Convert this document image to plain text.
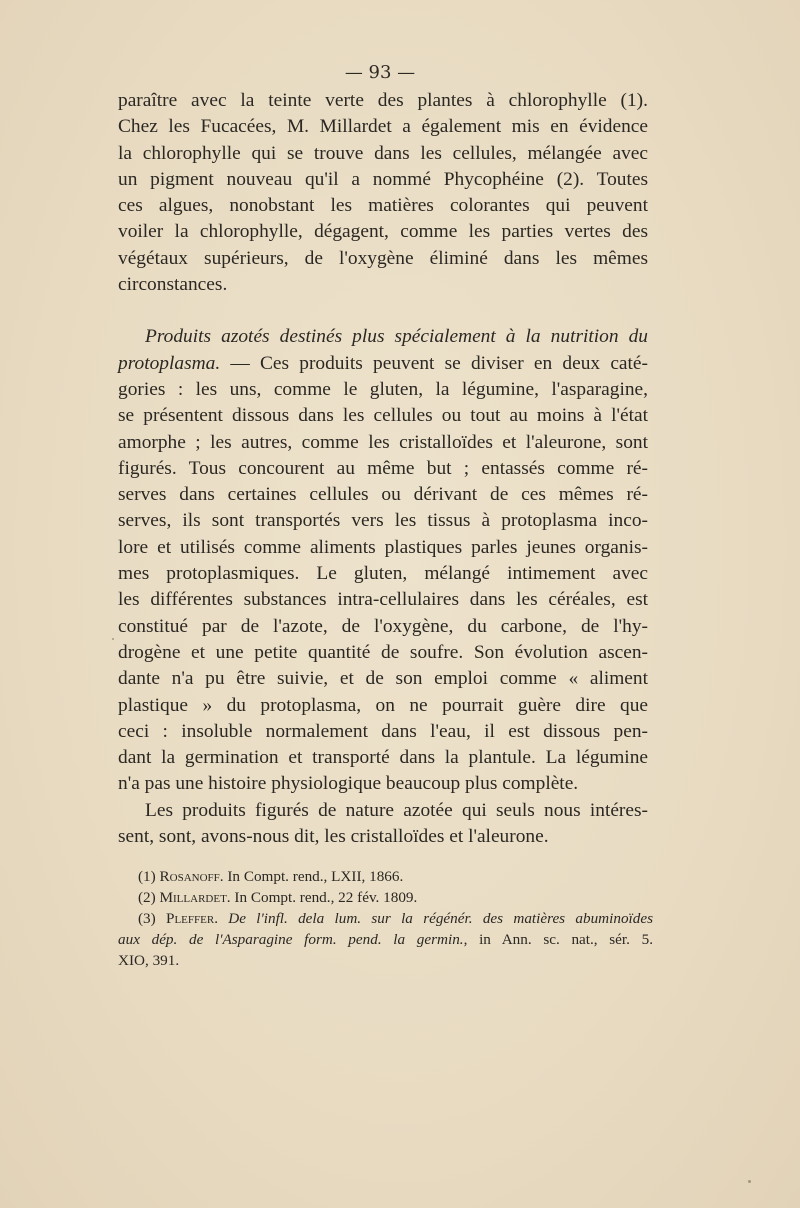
— 93 —
paraître avec la teinte verte des plantes à chlorophylle (1).
Chez les Fucacées, M. Millardet a également mis en évidence
la chlorophylle qui se trouve dans les cellules, mélangée avec
un pigment nouveau qu'il a nommé Phycophéine (2). Toutes
ces algues, nonobstant les matières colorantes qui peuvent
voiler la chlorophylle, dégagent, comme les parties vertes des
végétaux supérieurs, de l'oxygène éliminé dans les mêmes
circonstances.
Produits azotés destinés plus spécialement à la nutrition du
protoplasma. — Ces produits peuvent se diviser en deux caté-
gories : les uns, comme le gluten, la légumine, l'asparagine,
se présentent dissous dans les cellules ou tout au moins à l'état
amorphe ; les autres, comme les cristalloïdes et l'aleurone, sont
figurés. Tous concourent au même but ; entassés comme ré-
serves dans certaines cellules ou dérivant de ces mêmes ré-
serves, ils sont transportés vers les tissus à protoplasma inco-
lore et utilisés comme aliments plastiques parles jeunes organis-
mes protoplasmiques. Le gluten, mélangé intimement avec
les différentes substances intra-cellulaires dans les céréales, est
constitué par de l'azote, de l'oxygène, du carbone, de l'hy-
drogène et une petite quantité de soufre. Son évolution ascen-
dante n'a pu être suivie, et de son emploi comme « aliment
plastique » du protoplasma, on ne pourrait guère dire que
ceci : insoluble normalement dans l'eau, il est dissous pen-
dant la germination et transporté dans la plantule. La légumine
n'a pas une histoire physiologique beaucoup plus complète.
Les produits figurés de nature azotée qui seuls nous intéres-
sent, sont, avons-nous dit, les cristalloïdes et l'aleurone.
(1) Rosanoff. In Compt. rend., LXII, 1866.
(2) Millardet. In Compt. rend., 22 fév. 1809.
(3) Pleffer. De l'infl. dela lum. sur la régénér. des matières abuminoïdes
aux dép. de l'Asparagine form. pend. la germin., in Ann. sc. nat., sér. 5.
XIO, 391.
